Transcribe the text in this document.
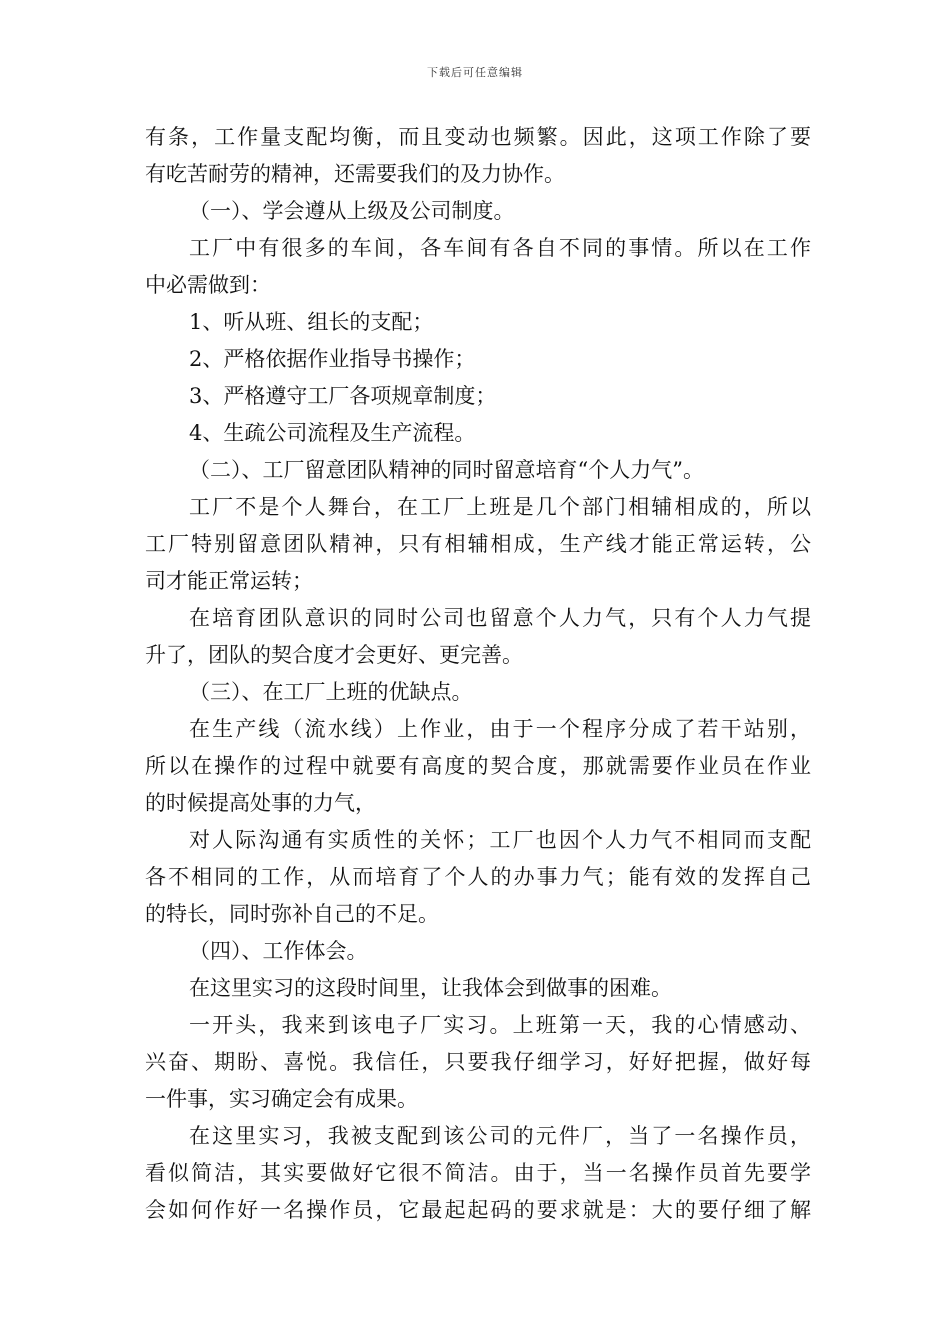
下载后可任意编辑
有条，工作量支配均衡，而且变动也频繁。因此，这项工作除了要
有吃苦耐劳的精神，还需要我们的及力协作。
（一）、学会遵从上级及公司制度。
工厂中有很多的车间，各车间有各自不同的事情。所以在工作
中必需做到：
1、听从班、组长的支配；
2、严格依据作业指导书操作；
3、严格遵守工厂各项规章制度；
4、生疏公司流程及生产流程。
（二）、工厂留意团队精神的同时留意培育“个人力气”。
工厂不是个人舞台，在工厂上班是几个部门相辅相成的，所以
工厂特别留意团队精神，只有相辅相成，生产线才能正常运转，公
司才能正常运转；
在培育团队意识的同时公司也留意个人力气，只有个人力气提
升了，团队的契合度才会更好、更完善。
（三）、在工厂上班的优缺点。
在生产线（流水线）上作业，由于一个程序分成了若干站别，
所以在操作的过程中就要有高度的契合度，那就需要作业员在作业
的时候提高处事的力气，
对人际沟通有实质性的关怀；工厂也因个人力气不相同而支配
各不相同的工作，从而培育了个人的办事力气；能有效的发挥自己
的特长，同时弥补自己的不足。
（四）、工作体会。
在这里实习的这段时间里，让我体会到做事的困难。
一开头，我来到该电子厂实习。上班第一天，我的心情感动、
兴奋、期盼、喜悦。我信任，只要我仔细学习，好好把握，做好每
一件事，实习确定会有成果。
在这里实习，我被支配到该公司的元件厂，当了一名操作员，
看似简洁，其实要做好它很不简洁。由于，当一名操作员首先要学
会如何作好一名操作员，它最起起码的要求就是：大的要仔细了解
